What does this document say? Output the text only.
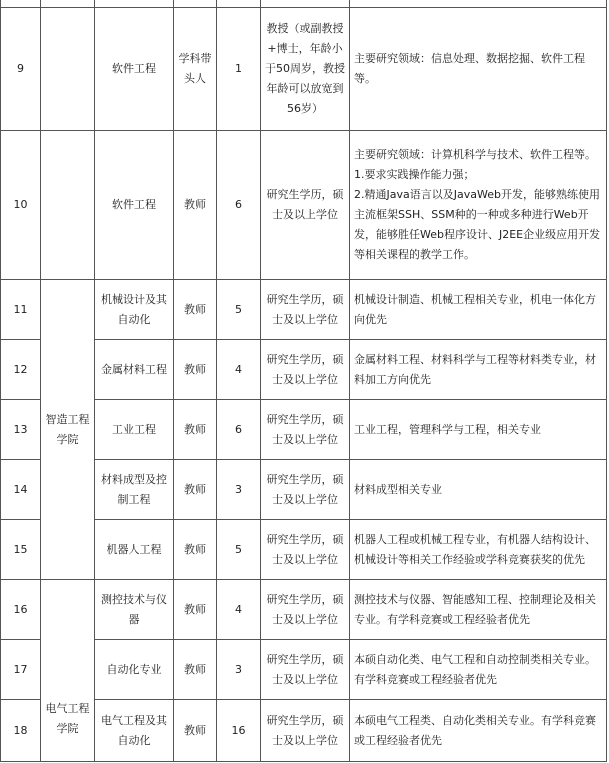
9		软件工程	学科带头人	1	教授（或副教授
+博士，年龄小
于50周岁，教授
年龄可以放宽到
56岁）	主要研究领域：信息处理、数据挖掘、软件工程等。
10		软件工程	教师	6	研究生学历，硕士及以上学位	主要研究领域：计算机科学与技术、软件工程等。
1.要求实践操作能力强；
2.精通Java语言以及JavaWeb开发，能够熟练使用主流框架SSH、SSM种的一种或多种进行Web开发，能够胜任Web程序设计、J2EE企业级应用开发等相关课程的教学工作。

11	智造工程学院	机械设计及其自动化	教师	5	研究生学历，硕士及以上学位	机械设计制造、机械工程相关专业，机电一体化方向优先
12		金属材料工程	教师	4	研究生学历，硕士及以上学位	金属材料工程、材料科学与工程等材料类专业，材料加工方向优先
13		工业工程	教师	6	研究生学历，硕士及以上学位	工业工程，管理科学与工程，相关专业
14		材料成型及控制工程	教师	3	研究生学历，硕士及以上学位	材料成型相关专业
15		机器人工程	教师	5	研究生学历，硕士及以上学位	机器人工程或机械工程专业，有机器人结构设计、机械设计等相关工作经验或学科竞赛获奖的优先
16	电气工程学院	测控技术与仪器	教师	4	研究生学历，硕士及以上学位	测控技术与仪器、智能感知工程、控制理论及相关专业。有学科竞赛或工程经验者优先
17		自动化专业	教师	3	研究生学历，硕士及以上学位	本硕自动化类、电气工程和自动控制类相关专业。有学科竞赛或工程经验者优先
18		电气工程及其自动化	教师	16	研究生学历，硕士及以上学位	本硕电气工程类、自动化类相关专业。有学科竞赛或工程经验者优先
